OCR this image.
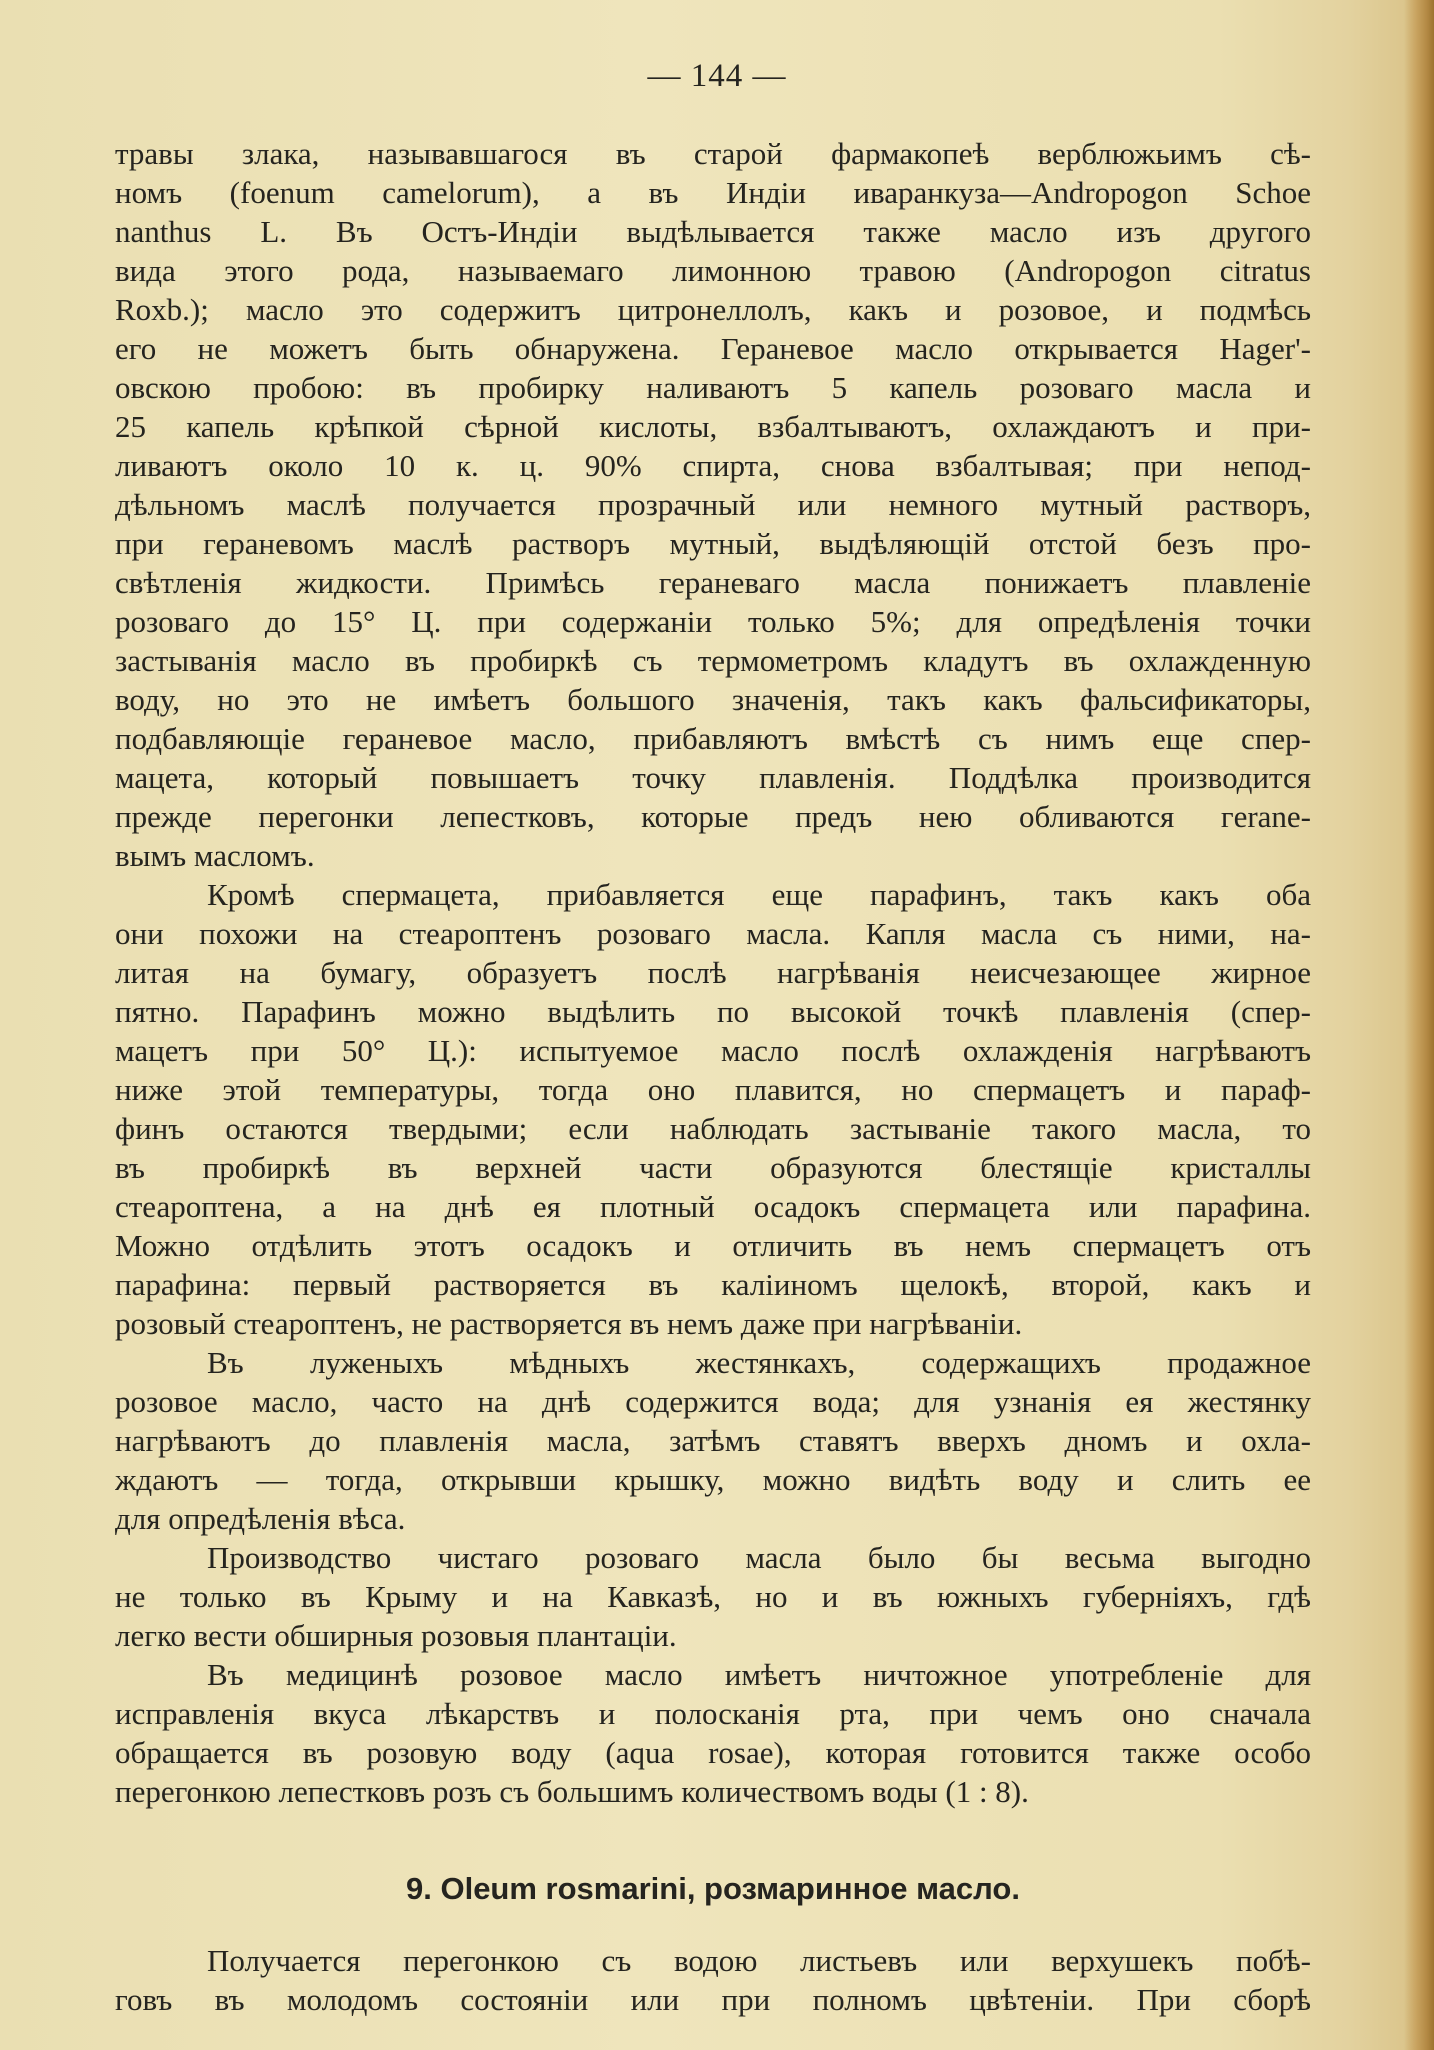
— 144 —
травы злака, называвшагося въ старой фармакопеѣ верблюжьимъ сѣ-
номъ (foenum camelorum), а въ Индіи иваранкуза—Andropogon Schoe
nanthus L. Въ Остъ-Индіи выдѣлывается также масло изъ другого
вида этого рода, называемаго лимонною травою (Andropogon citratus
Roxb.); масло это содержитъ цитронеллолъ, какъ и розовое, и подмѣсь
его не можетъ быть обнаружена. Гераневое масло открывается Hager'-
овскою пробою: въ пробирку наливаютъ 5 капель розоваго масла и
25 капель крѣпкой сѣрной кислоты, взбалтываютъ, охлаждаютъ и при-
ливаютъ около 10 к. ц. 90% спирта, снова взбалтывая; при непод-
дѣльномъ маслѣ получается прозрачный или немного мутный растворъ,
при гераневомъ маслѣ растворъ мутный, выдѣляющій отстой безъ про-
свѣтленія жидкости. Примѣсь гераневаго масла понижаетъ плавленіе
розоваго до 15° Ц. при содержаніи только 5%; для опредѣленія точки
застыванія масло въ пробиркѣ съ термометромъ кладутъ въ охлажденную
воду, но это не имѣетъ большого значенія, такъ какъ фальсификаторы,
подбавляющіе гераневое масло, прибавляютъ вмѣстѣ съ нимъ еще спер-
мацета, который повышаетъ точку плавленія. Поддѣлка производится
прежде перегонки лепестковъ, которые предъ нею обливаются гerane-
вымъ масломъ.
Кромѣ спермацета, прибавляется еще парафинъ, такъ какъ оба
они похожи на стеароптенъ розоваго масла. Капля масла съ ними, на-
литая на бумагу, образуетъ послѣ нагрѣванія неисчезающее жирное
пятно. Парафинъ можно выдѣлить по высокой точкѣ плавленія (спер-
мацетъ при 50° Ц.): испытуемое масло послѣ охлажденія нагрѣваютъ
ниже этой температуры, тогда оно плавится, но спермацетъ и параф-
финъ остаются твердыми; если наблюдать застываніе такого масла, то
въ пробиркѣ въ верхней части образуются блестящіе кристаллы
стеароптена, а на днѣ ея плотный осадокъ спермацета или парафина.
Можно отдѣлить этотъ осадокъ и отличить въ немъ спермацетъ отъ
парафина: первый растворяется въ каліиномъ щелокѣ, второй, какъ и
розовый стеароптенъ, не растворяется въ немъ даже при нагрѣваніи.
Въ луженыхъ мѣдныхъ жестянкахъ, содержащихъ продажное
розовое масло, часто на днѣ содержится вода; для узнанія ея жестянку
нагрѣваютъ до плавленія масла, затѣмъ ставятъ вверхъ дномъ и охла-
ждаютъ — тогда, открывши крышку, можно видѣть воду и слить ее
для опредѣленія вѣса.
Производство чистаго розоваго масла было бы весьма выгодно
не только въ Крыму и на Кавказѣ, но и въ южныхъ губерніяхъ, гдѣ
легко вести обширныя розовыя плантаціи.
Въ медицинѣ розовое масло имѣетъ ничтожное употребленіе для
исправленія вкуса лѣкарствъ и полосканія рта, при чемъ оно сначала
обращается въ розовую воду (aqua rosae), которая готовится также особо
перегонкою лепестковъ розъ съ большимъ количествомъ воды (1 : 8).
9. Oleum rosmarini, розмаринное масло.
Получается перегонкою съ водою листьевъ или верхушекъ побѣ-
говъ въ молодомъ состояніи или при полномъ цвѣтеніи. При сборѣ
